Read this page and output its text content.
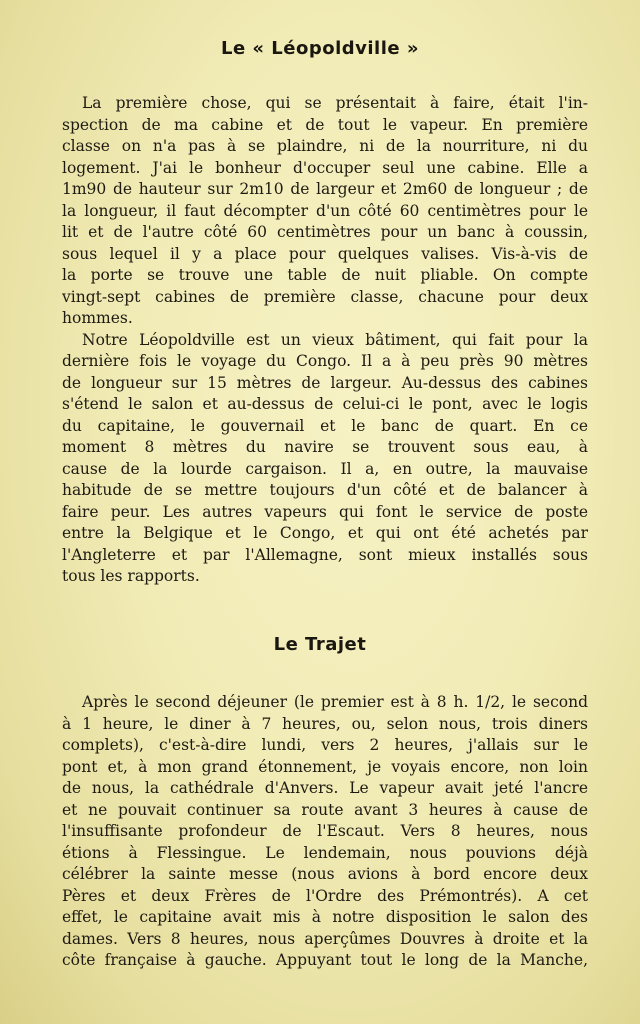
Le « Léopoldville »
La première chose, qui se présentait à faire, était l'in-
spection de ma cabine et de tout le vapeur. En première
classe on n'a pas à se plaindre, ni de la nourriture, ni du
logement. J'ai le bonheur d'occuper seul une cabine. Elle a
1m90 de hauteur sur 2m10 de largeur et 2m60 de longueur ; de
la longueur, il faut décompter d'un côté 60 centimètres pour le
lit et de l'autre côté 60 centimètres pour un banc à coussin,
sous lequel il y a place pour quelques valises. Vis-à-vis de
la porte se trouve une table de nuit pliable. On compte
vingt-sept cabines de première classe, chacune pour deux
hommes.
Notre Léopoldville est un vieux bâtiment, qui fait pour la
dernière fois le voyage du Congo. Il a à peu près 90 mètres
de longueur sur 15 mètres de largeur. Au-dessus des cabines
s'étend le salon et au-dessus de celui-ci le pont, avec le logis
du capitaine, le gouvernail et le banc de quart. En ce
moment 8 mètres du navire se trouvent sous eau, à
cause de la lourde cargaison. Il a, en outre, la mauvaise
habitude de se mettre toujours d'un côté et de balancer à
faire peur. Les autres vapeurs qui font le service de poste
entre la Belgique et le Congo, et qui ont été achetés par
l'Angleterre et par l'Allemagne, sont mieux installés sous
tous les rapports.
Le Trajet
Après le second déjeuner (le premier est à 8 h. 1/2, le second
à 1 heure, le diner à 7 heures, ou, selon nous, trois diners
complets), c'est-à-dire lundi, vers 2 heures, j'allais sur le
pont et, à mon grand étonnement, je voyais encore, non loin
de nous, la cathédrale d'Anvers. Le vapeur avait jeté l'ancre
et ne pouvait continuer sa route avant 3 heures à cause de
l'insuffisante profondeur de l'Escaut. Vers 8 heures, nous
étions à Flessingue. Le lendemain, nous pouvions déjà
célébrer la sainte messe (nous avions à bord encore deux
Pères et deux Frères de l'Ordre des Prémontrés). A cet
effet, le capitaine avait mis à notre disposition le salon des
dames. Vers 8 heures, nous aperçûmes Douvres à droite et la
côte française à gauche. Appuyant tout le long de la Manche,
